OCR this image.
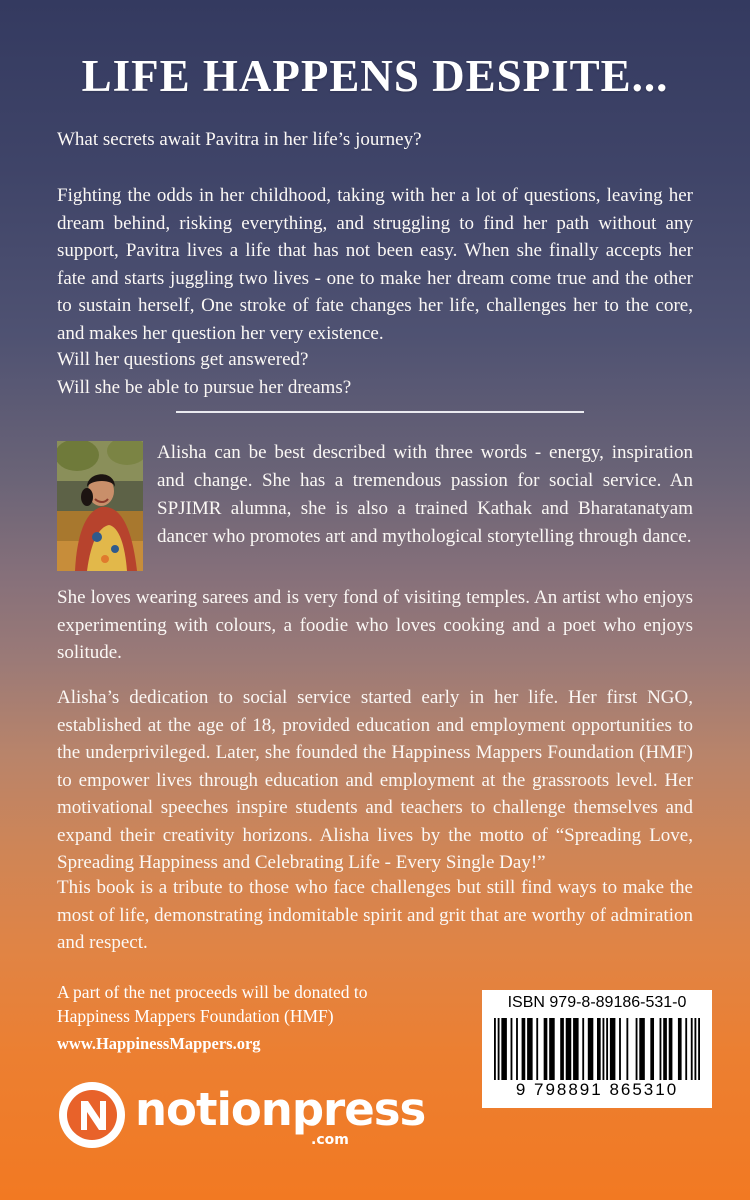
LIFE HAPPENS DESPITE...

What secrets await Pavitra in her life’s journey?

Fighting the odds in her childhood, taking with her a lot of questions, leaving her dream behind, risking everything, and struggling to find her path without any support, Pavitra lives a life that has not been easy. When she finally accepts her fate and starts juggling two lives - one to make her dream come true and the other to sustain herself, One stroke of fate changes her life, challenges her to the core, and makes her question her very existence.

Will her questions get answered?
Will she be able to pursue her dreams?

Alisha can be best described with three words - energy, inspiration and change. She has a tremendous passion for social service. An SPJIMR alumna, she is also a trained Kathak and Bharatanatyam dancer who promotes art and mythological storytelling through dance.

She loves wearing sarees and is very fond of visiting temples. An artist who enjoys experimenting with colours, a foodie who loves cooking and a poet who enjoys solitude.

Alisha’s dedication to social service started early in her life. Her first NGO, established at the age of 18, provided education and employment opportunities to the underprivileged. Later, she founded the Happiness Mappers Foundation (HMF) to empower lives through education and employment at the grassroots level. Her motivational speeches inspire students and teachers to challenge themselves and expand their creativity horizons. Alisha lives by the motto of “Spreading Love, Spreading Happiness and Celebrating Life - Every Single Day!”

This book is a tribute to those who face challenges but still find ways to make the most of life, demonstrating indomitable spirit and grit that are worthy of admiration and respect.

A part of the net proceeds will be donated to
Happiness Mappers Foundation (HMF)

www.HappinessMappers.org

notionpress
.com
ISBN 979-8-89186-531-0
9 798891 865310
